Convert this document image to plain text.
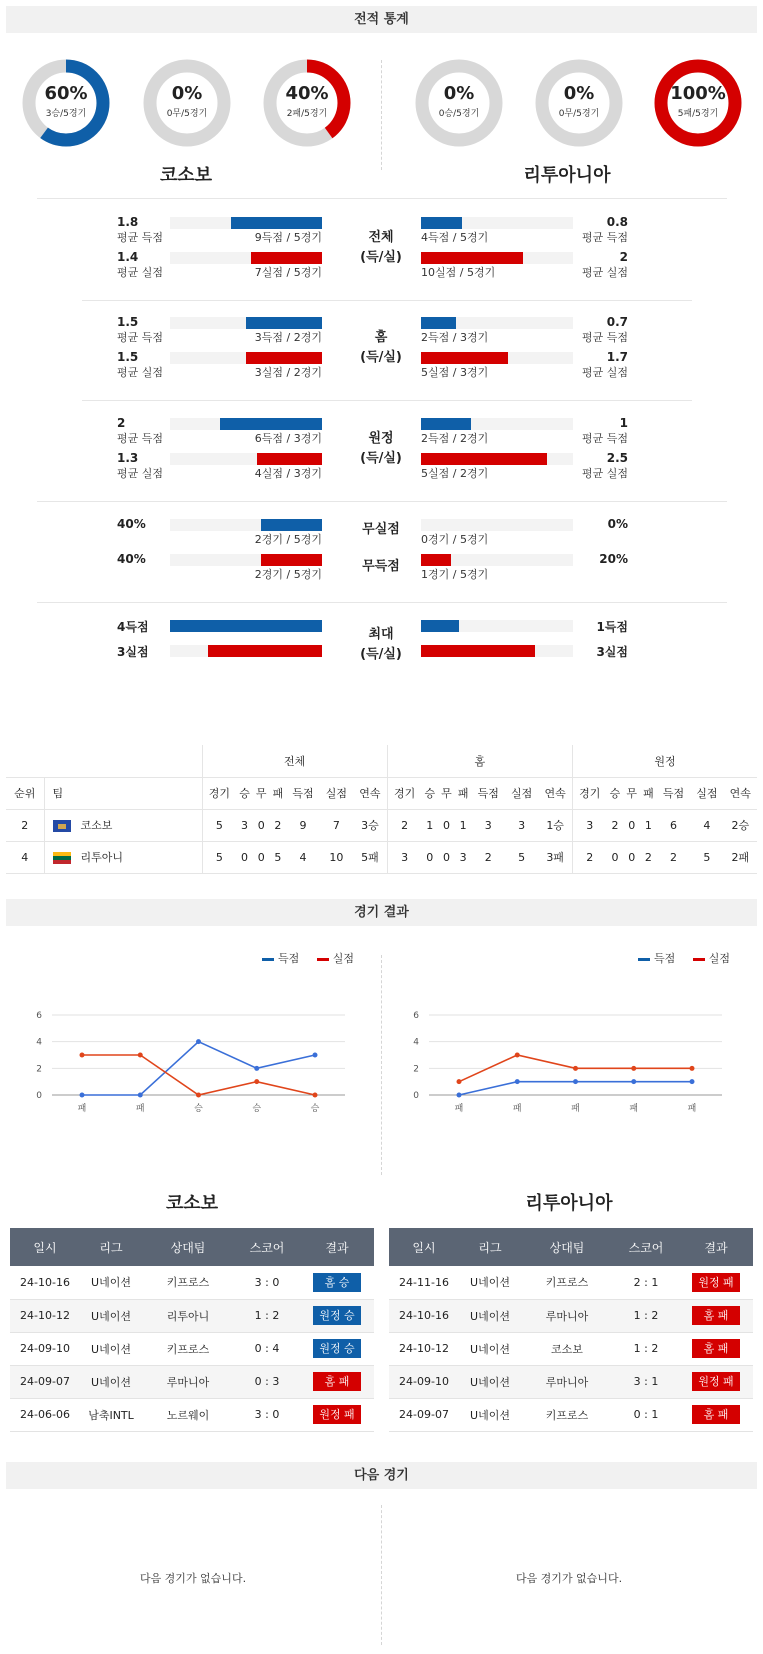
전적 통계
60%
3승/5경기
0%
0무/5경기
40%
2패/5경기
0%
0승/5경기
0%
0무/5경기
100%
5패/5경기
코소보	리투아니아
전체
(득/실)
1.8
평균 득점	9득점 / 5경기	4득점 / 5경기
0.8
평균 득점
1.4
평균 실점	7실점 / 5경기	10실점 / 5경기
2
평균 실점
홈
(득/실)
1.5
평균 득점	3득점 / 2경기	2득점 / 3경기
0.7
평균 득점
1.5
평균 실점	3실점 / 2경기	5실점 / 3경기
1.7
평균 실점
원정
(득/실)
2
평균 득점	6득점 / 3경기	2득점 / 2경기
1
평균 득점
1.3
평균 실점	4실점 / 3경기	5실점 / 2경기
2.5
평균 실점
40%
2경기 / 5경기	0경기 / 5경기
0%
무실점
40%
2경기 / 5경기	1경기 / 5경기
20%
무득점
최대
(득/실)
4득점	1득점
3실점	3실점
		전체							홈							원정						
순위	팀	경기	승	무	패	득점	실점	연속	경기	승	무	패	득점	실점	연속	경기	승	무	패	득점	실점	연속
2	코소보	5	3	0	2	9	7	3승	2	1	0	1	3	3	1승	3	2	0	1	6	4	2승
4	리투아니	5	0	0	5	4	10	5패	3	0	0	3	2	5	3패	2	0	0	2	2	5	2패
경기 결과
득점	실점	득점	실점
0
2
4
6
패	패	승	승	승
0
2
4
6
패	패	패	패	패
코소보	리투아니아
일시	리그	상대팀	스코어	결과
24-10-16	U네이션	키프로스	3 : 0	홈 승
24-10-12	U네이션	리투아니	1 : 2	원정 승
24-09-10	U네이션	키프로스	0 : 4	원정 승
24-09-07	U네이션	루마니아	0 : 3	홈 패
24-06-06	남축INTL	노르웨이	3 : 0	원정 패
일시	리그	상대팀	스코어	결과
24-11-16	U네이션	키프로스	2 : 1	원정 패
24-10-16	U네이션	루마니아	1 : 2	홈 패
24-10-12	U네이션	코소보	1 : 2	홈 패
24-09-10	U네이션	루마니아	3 : 1	원정 패
24-09-07	U네이션	키프로스	0 : 1	홈 패
다음 경기
다음 경기가 없습니다.	다음 경기가 없습니다.
